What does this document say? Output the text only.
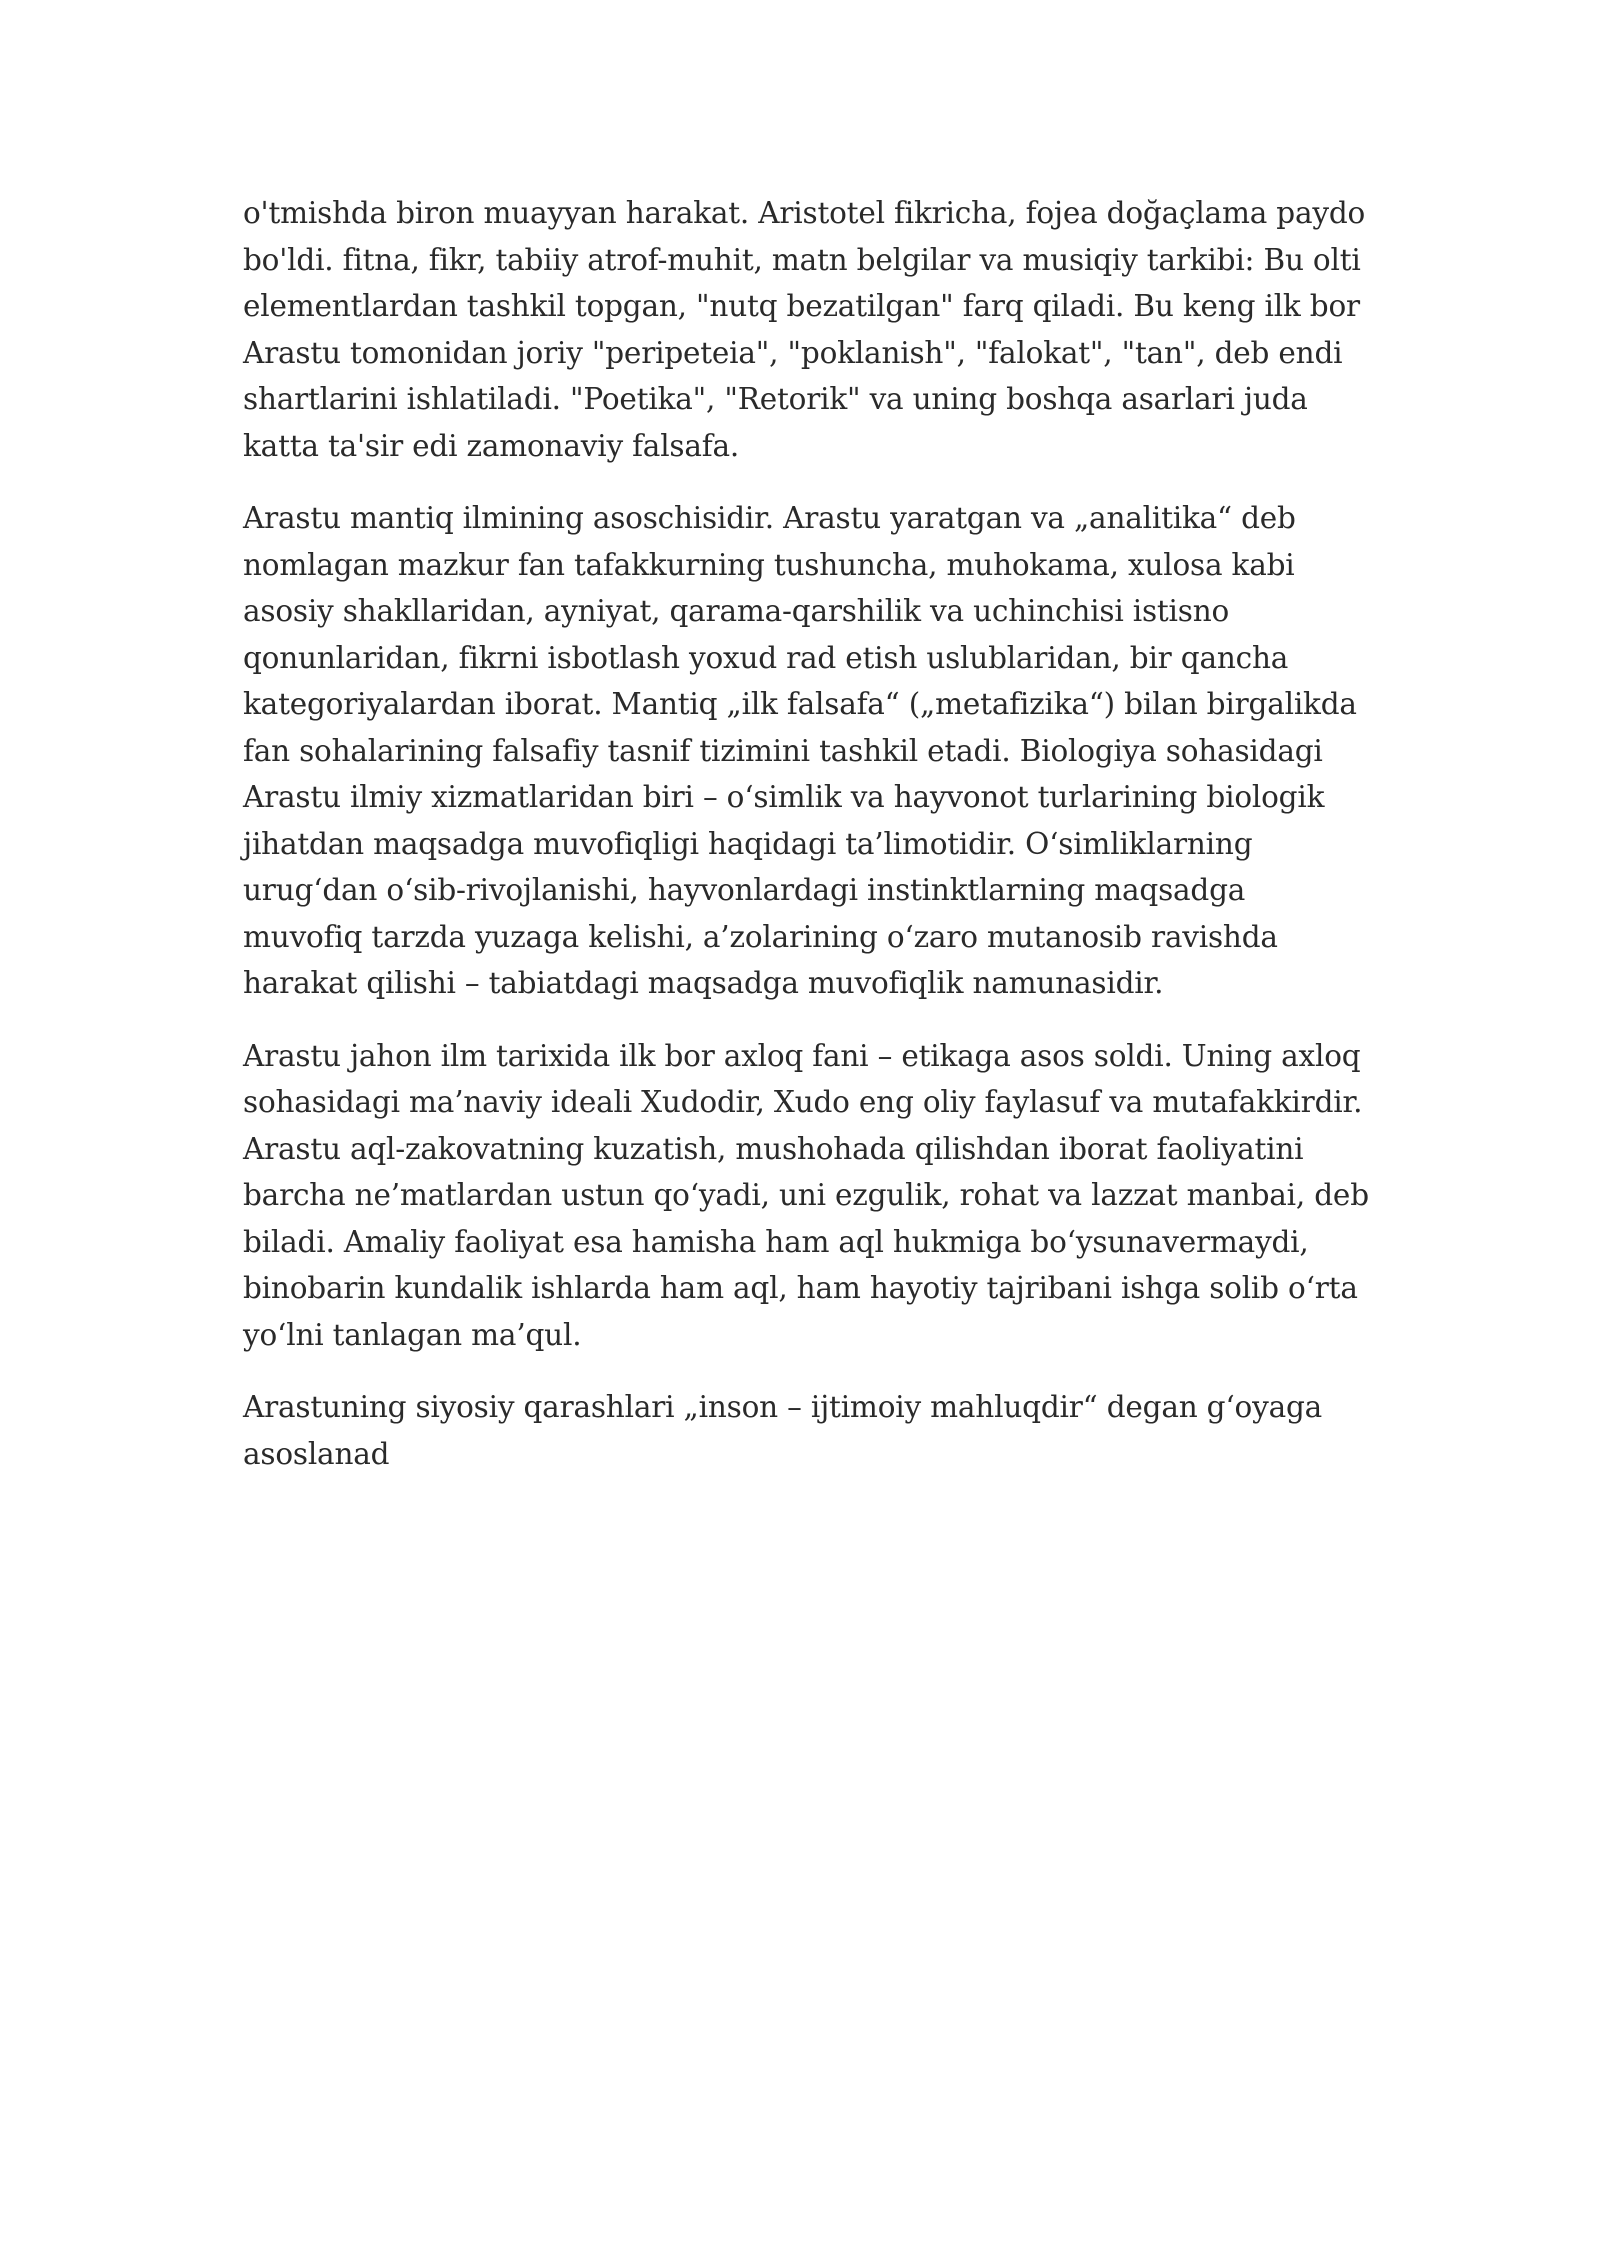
o'tmishda biron muayyan harakat. Aristotel fikricha, fojea doğaçlama paydo bo'ldi. fitna, fikr, tabiiy atrof-muhit, matn belgilar va musiqiy tarkibi: Bu olti elementlardan tashkil topgan, "nutq bezatilgan" farq qiladi. Bu keng ilk bor Arastu tomonidan joriy "peripeteia", "poklanish", "falokat", "tan", deb endi shartlarini ishlatiladi. "Poetika", "Retorik" va uning boshqa asarlari juda katta ta'sir edi zamonaviy falsafa.

Arastu mantiq ilmining asoschisidir. Arastu yaratgan va „analitika“ deb nomlagan mazkur fan tafakkurning tushuncha, muhokama, xulosa kabi asosiy shakllaridan, ayniyat, qarama-qarshilik va uchinchisi istisno qonunlaridan, fikrni isbotlash yoxud rad etish uslublaridan, bir qancha kategoriyalardan iborat. Mantiq „ilk falsafa“ („metafizika“) bilan birgalikda fan sohalarining falsafiy tasnif tizimini tashkil etadi. Biologiya sohasidagi Arastu ilmiy xizmatlaridan biri – o‘simlik va hayvonot turlarining biologik jihatdan maqsadga muvofiqligi haqidagi ta’limotidir. O‘simliklarning urug‘dan o‘sib-rivojlanishi, hayvonlardagi instinktlarning maqsadga muvofiq tarzda yuzaga kelishi, a’zolarining o‘zaro mutanosib ravishda harakat qilishi – tabiatdagi maqsadga muvofiqlik namunasidir.

Arastu jahon ilm tarixida ilk bor axloq fani – etikaga asos soldi. Uning axloq sohasidagi ma’naviy ideali Xudodir, Xudo eng oliy faylasuf va mutafakkirdir. Arastu aql-zakovatning kuzatish, mushohada qilishdan iborat faoliyatini barcha ne’matlardan ustun qo‘yadi, uni ezgulik, rohat va lazzat manbai, deb biladi. Amaliy faoliyat esa hamisha ham aql hukmiga bo‘ysunavermaydi, binobarin kundalik ishlarda ham aql, ham hayotiy tajribani ishga solib o‘rta yo‘lni tanlagan ma’qul.

Arastuning siyosiy qarashlari „inson – ijtimoiy mahluqdir“ degan g‘oyaga asoslanad
